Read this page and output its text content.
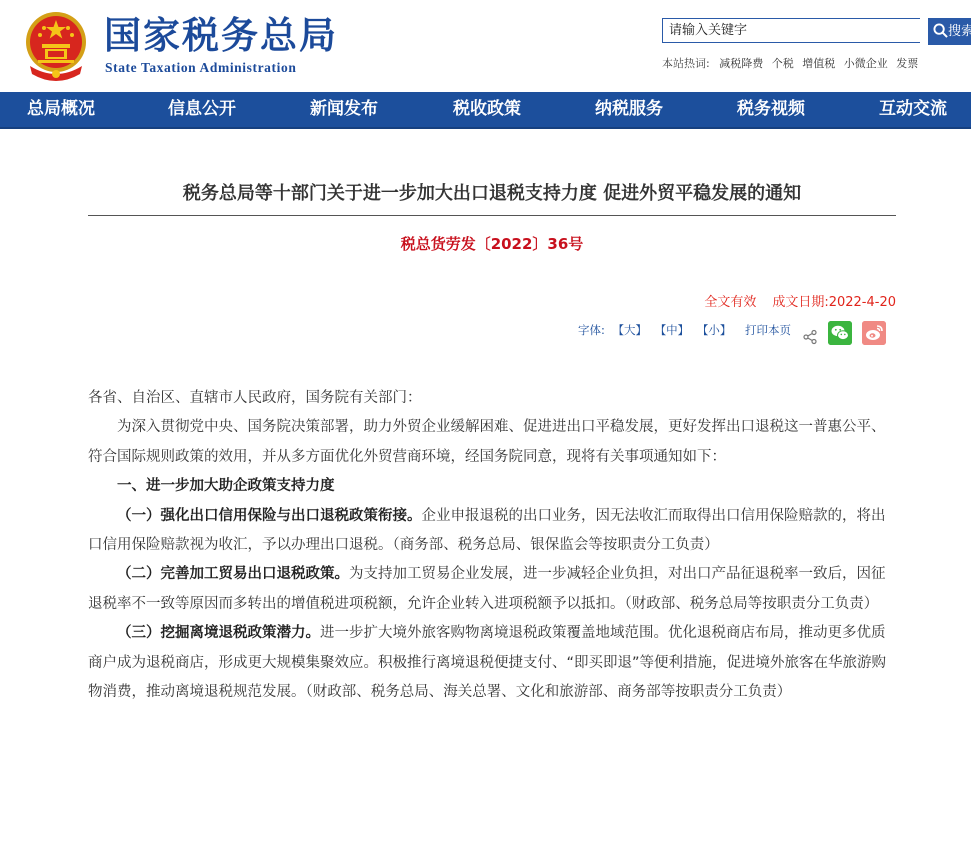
国家税务总局
State Taxation Administration
请输入关键字
搜索
本站热词: 减税降费 个税 增值税 小微企业 发票
总局概况	信息公开	新闻发布	税收政策	纳税服务	税务视频	互动交流
税务总局等十部门关于进一步加大出口退税支持力度 促进外贸平稳发展的通知
税总货劳发〔2022〕36号
全文有效 成文日期:2022-4-20
字体: 【大】 【中】 【小】 打印本页

各省、自治区、直辖市人民政府，国务院有关部门：

为深入贯彻党中央、国务院决策部署，助力外贸企业缓解困难、促进进出口平稳发展，更好发挥出口退税这一普惠公平、符合国际规则政策的效用，并从多方面优化外贸营商环境，经国务院同意，现将有关事项通知如下：

一、进一步加大助企政策支持力度

（一）强化出口信用保险与出口退税政策衔接。企业申报退税的出口业务，因无法收汇而取得出口信用保险赔款的，将出口信用保险赔款视为收汇，予以办理出口退税。（商务部、税务总局、银保监会等按职责分工负责）

（二）完善加工贸易出口退税政策。为支持加工贸易企业发展，进一步减轻企业负担，对出口产品征退税率一致后，因征退税率不一致等原因而多转出的增值税进项税额，允许企业转入进项税额予以抵扣。（财政部、税务总局等按职责分工负责）

（三）挖掘离境退税政策潜力。进一步扩大境外旅客购物离境退税政策覆盖地域范围。优化退税商店布局，推动更多优质商户成为退税商店，形成更大规模集聚效应。积极推行离境退税便捷支付、“即买即退”等便利措施，促进境外旅客在华旅游购物消费，推动离境退税规范发展。（财政部、税务总局、海关总署、文化和旅游部、商务部等按职责分工负责）
